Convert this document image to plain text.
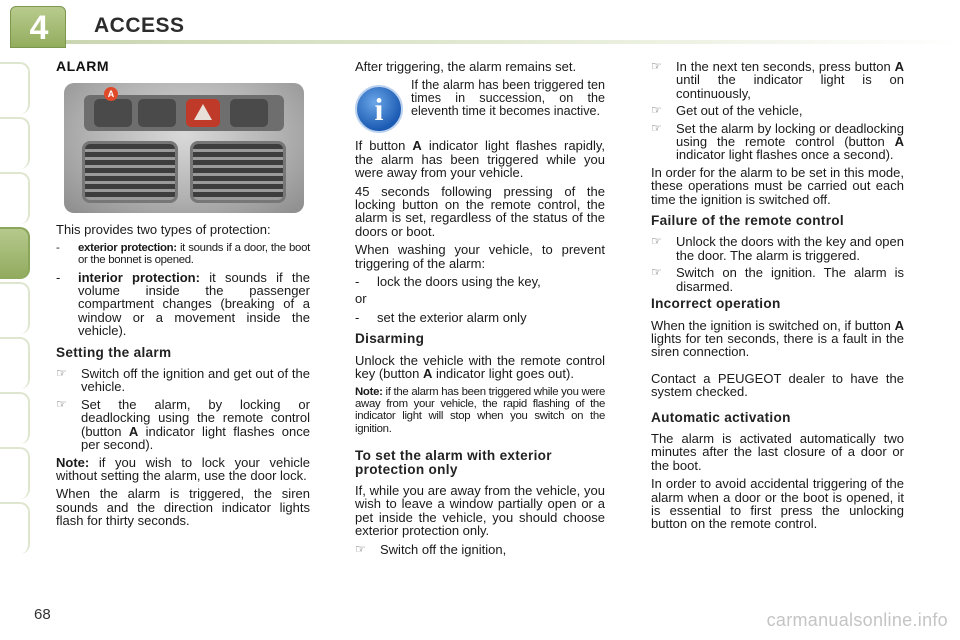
4	ACCESS
ALARM
A

This provides two types of protection:

-	exterior protection: it sounds if a door, the boot or the bonnet is opened.
-	interior protection: it sounds if the volume inside the passenger compartment changes (breaking of a window or a movement inside the vehicle).
Setting the alarm
☞	Switch off the ignition and get out of the vehicle.
☞	Set the alarm, by locking or deadlocking using the remote control (button A indicator light flashes once per second).

Note: if you wish to lock your vehicle without setting the alarm, use the door lock.

When the alarm is triggered, the siren sounds and the direction indicator lights flash for thirty seconds.

After triggering, the alarm remains set.

i
If the alarm has been triggered ten times in succession, on the eleventh time it becomes inactive.

If button A indicator light flashes rapidly, the alarm has been triggered while you were away from your vehicle.

45 seconds following pressing of the locking button on the remote control, the alarm is set, regardless of the status of the doors or boot.

When washing your vehicle, to prevent triggering of the alarm:

-	lock the doors using the key,

or

-	set the exterior alarm only
Disarming

Unlock the vehicle with the remote control key (button A indicator light goes out).

Note: if the alarm has been triggered while you were away from your vehicle, the rapid flashing of the indicator light will stop when you switch on the ignition.

To set the alarm with exterior protection only

If, while you are away from the vehicle, you wish to leave a window partially open or a pet inside the vehicle, you should choose exterior protection only.

☞	Switch off the ignition,
☞	In the next ten seconds, press button A until the indicator light is on continuously,
☞	Get out of the vehicle,
☞	Set the alarm by locking or deadlocking using the remote control (button A indicator light flashes once a second).

In order for the alarm to be set in this mode, these operations must be carried out each time the ignition is switched off.

Failure of the remote control
☞	Unlock the doors with the key and open the door. The alarm is triggered.
☞	Switch on the ignition. The alarm is disarmed.
Incorrect operation

When the ignition is switched on, if button A lights for ten seconds, there is a fault in the siren connection.

Contact a PEUGEOT dealer to have the system checked.

Automatic activation

The alarm is activated automatically two minutes after the last closure of a door or the boot.

In order to avoid accidental triggering of the alarm when a door or the boot is opened, it is essential to first press the unlocking button on the remote control.

68	carmanualsonline.info
